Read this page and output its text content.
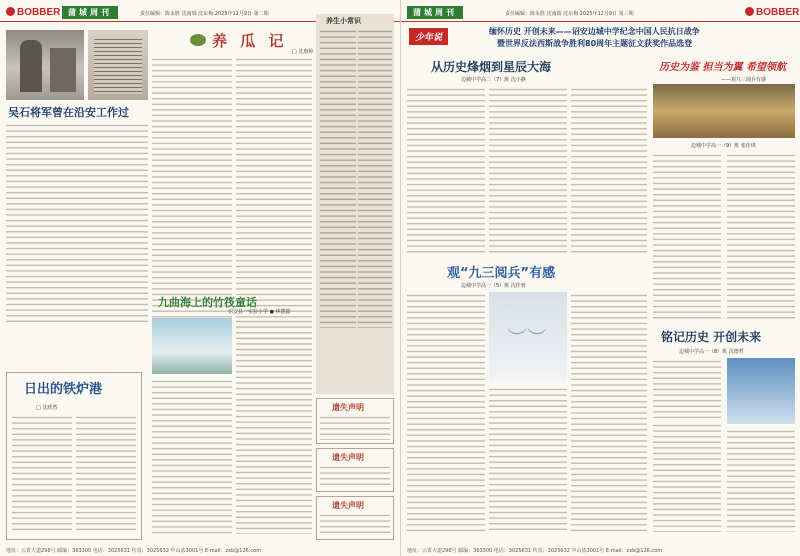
BOBBER 蒲城周刊	责任编辑：陈永胜 沈南瑞 沈东梅 2025年12月9日 第二期
吴石将军曾在沿安工作过
养 瓜 记
□ 沈惠婷
养生小常识
日出的铁炉港
□ 沈欣然
九曲海上的竹筏童话
诏安县一实验小学 ● 林蕙露
遗失声明
遗失声明
遗失声明
地址：云霄大道298号 邮编：363300 电话：3025631 传真：3025632 中山浓3001号 E-mail：zxb@126.com
蒲城周刊	责任编辑：陈永胜 沈南瑞 沈东梅 2025年12月9日 第三期	BOBBER
少年说
缅怀历史 开创未来——诏安边城中学纪念中国人民抗日战争
暨世界反法西斯战争胜利80周年主题征文获奖作品选登
从历史烽烟到星辰大海
边城中学高二（7）班 沈小静
历史为鉴 担当为翼 希望领航
——观九三阅兵有感
边城中学高一（9）班 张佳琪
观“九三阅兵”有感
边城中学高一（5）班 沈佳蓉
︶︶	铭记历史 开创未来
边城中学高一（8）班 沈德哲
地址：云霄大道298号 邮编：363300 电话：3025631 传真：3025632 中山浓3001号 E-mail：zxb@126.com
